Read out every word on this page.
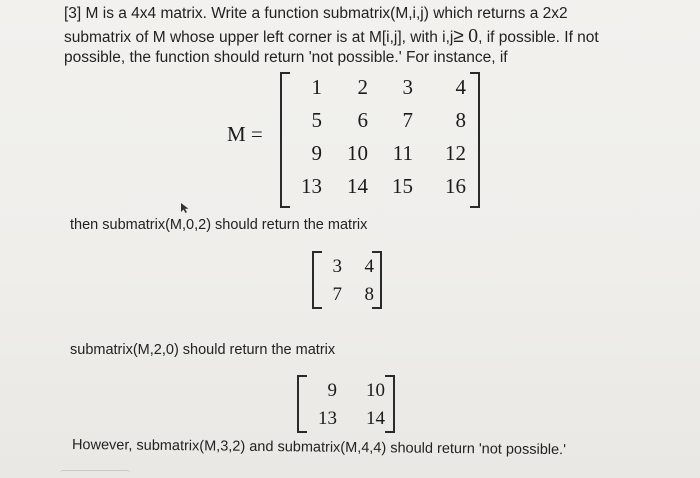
[3] M is a 4x4 matrix. Write a function submatrix(M,i,j) which returns a 2x2
submatrix of M whose upper left corner is at M[i,j], with i,j≥ 0, if possible. If not
possible, the function should return 'not possible.' For instance, if
M =
1 2 3 4
5 6 7 8
9 10 11 12
13 14 15 16
then submatrix(M,0,2) should return the matrix
3 4
7 8
submatrix(M,2,0) should return the matrix
9 10
13 14
However, submatrix(M,3,2) and submatrix(M,4,4) should return 'not possible.'
